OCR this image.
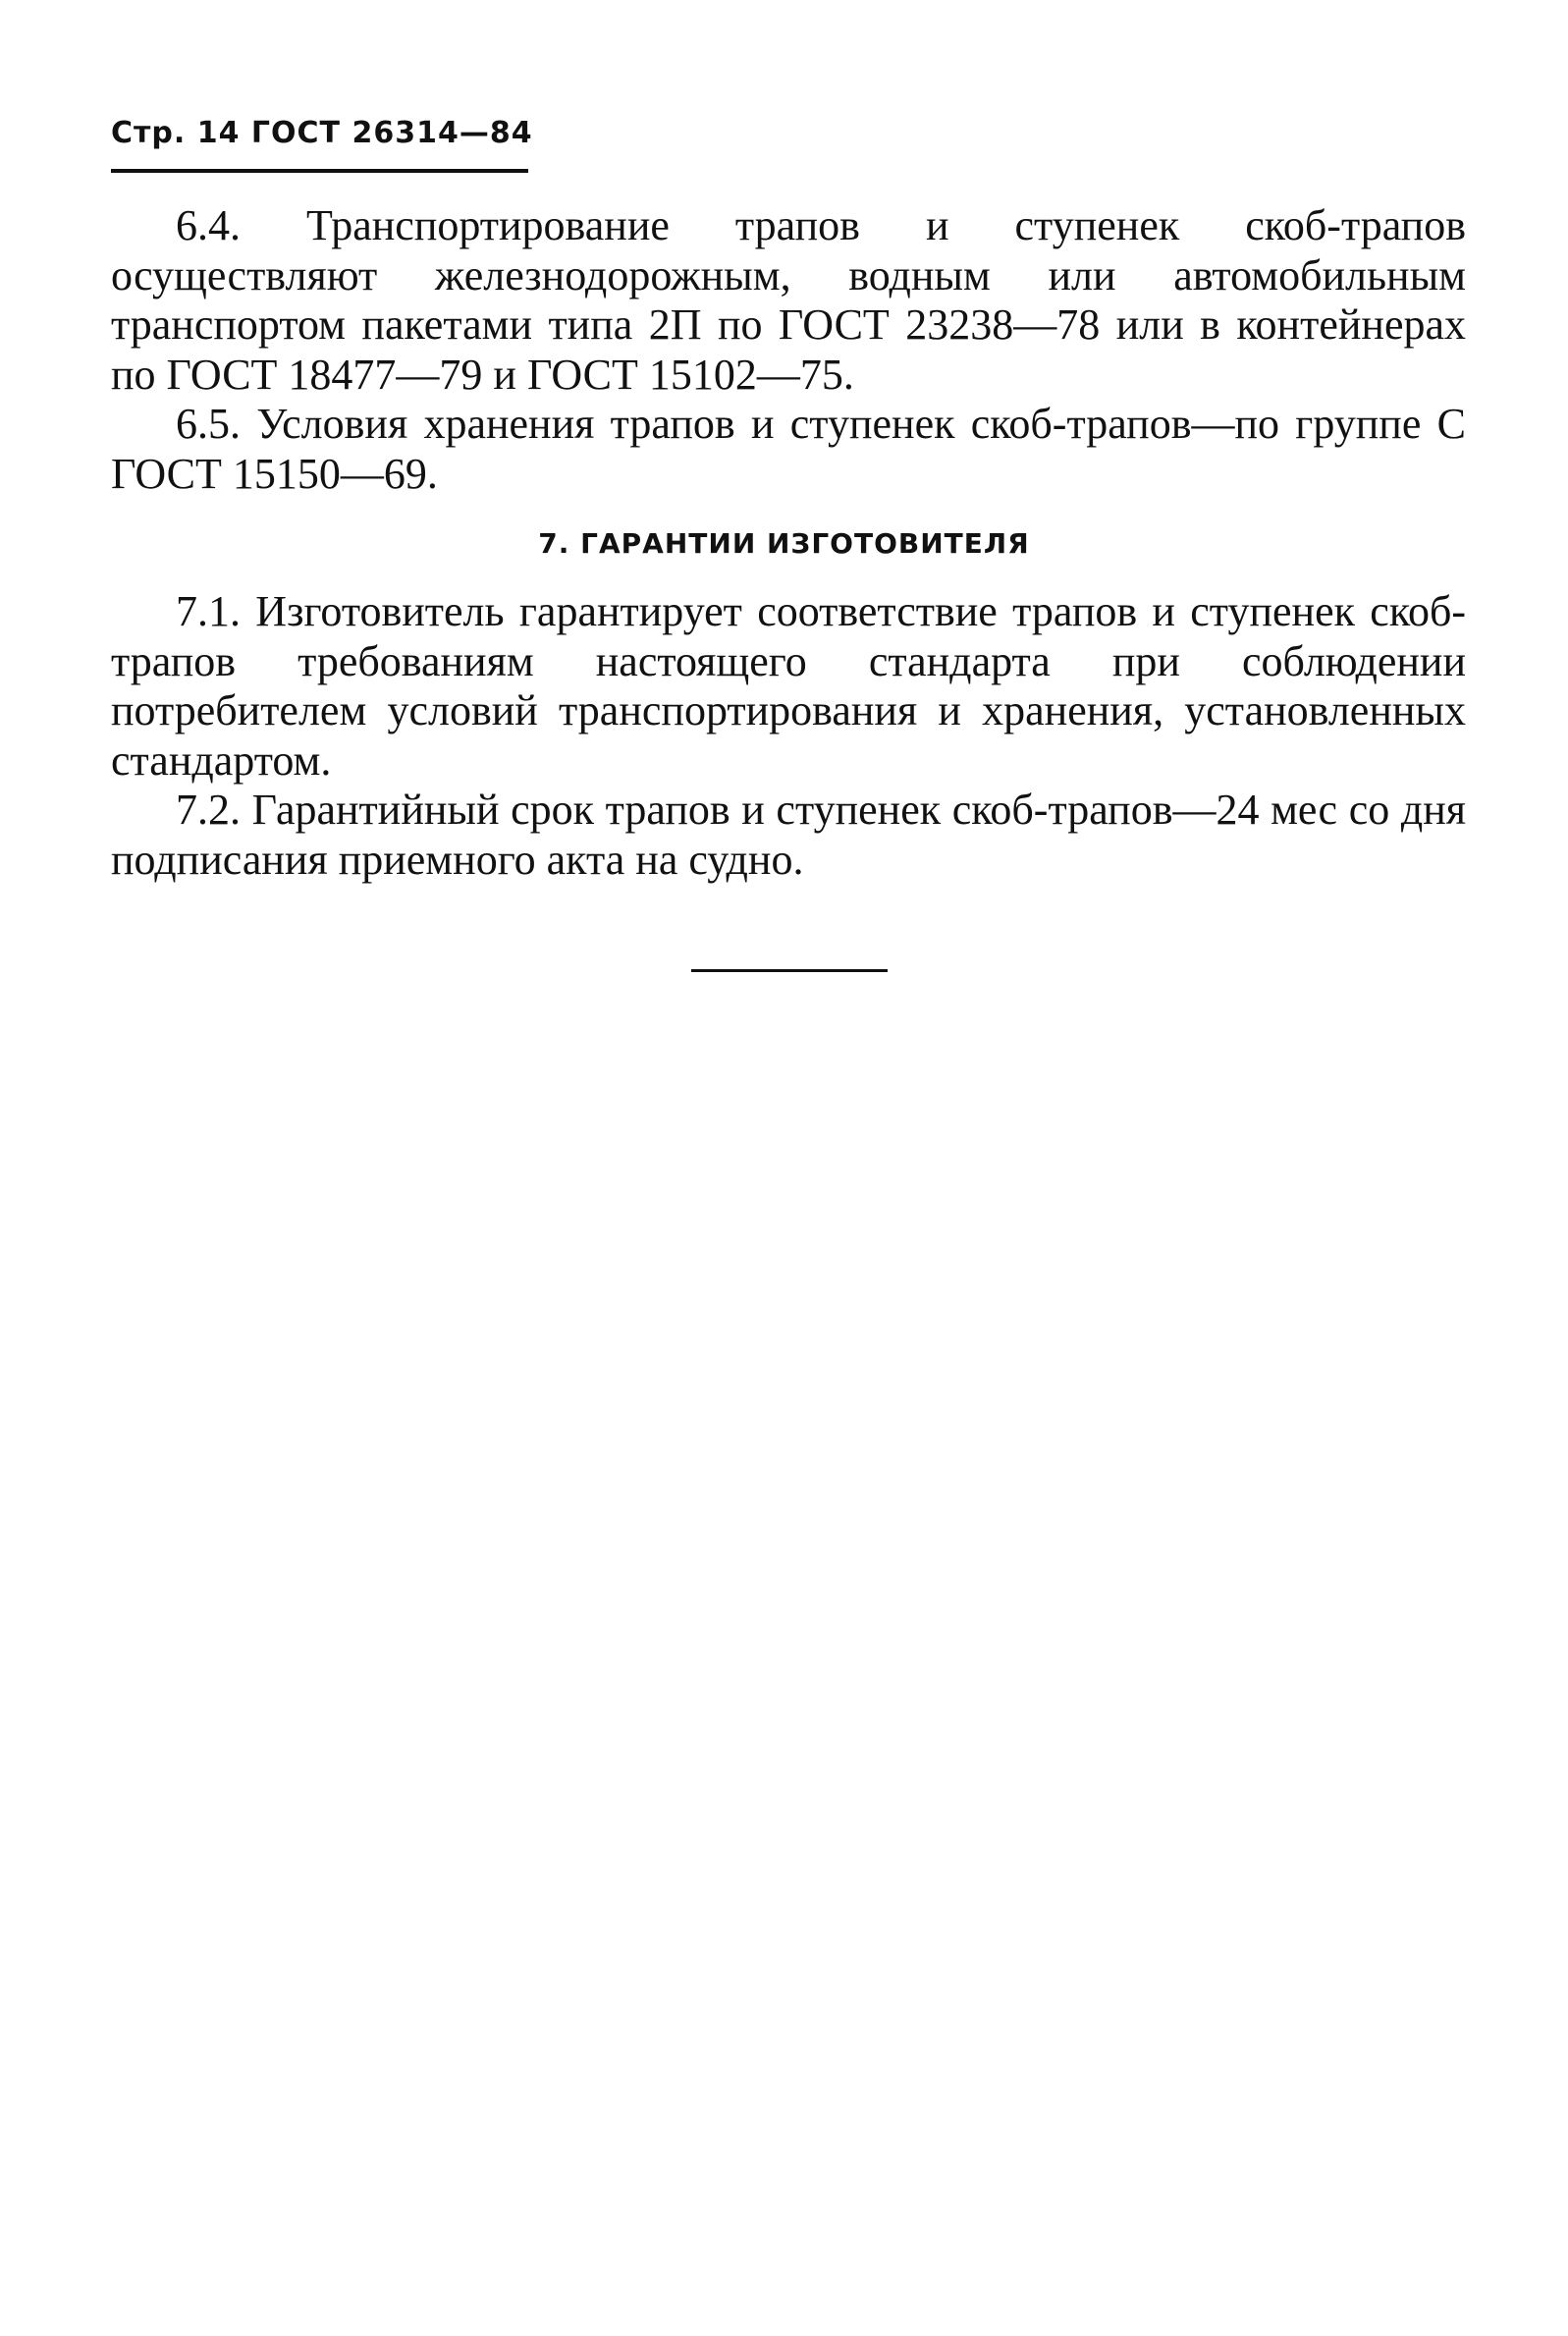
Стр. 14 ГОСТ 26314—84

6.4. Транспортирование трапов и ступенек скоб-трапов осуществляют железнодорожным, водным или автомобильным транспортом пакетами типа 2П по ГОСТ 23238—78 или в контейнерах по ГОСТ 18477—79 и ГОСТ 15102—75.

6.5. Условия хранения трапов и ступенек скоб-трапов—по группе С ГОСТ 15150—69.

7. ГАРАНТИИ ИЗГОТОВИТЕЛЯ

7.1. Изготовитель гарантирует соответствие трапов и ступенек скоб-трапов требованиям настоящего стандарта при соблюдении потребителем условий транспортирования и хранения, установленных стандартом.

7.2. Гарантийный срок трапов и ступенек скоб-трапов—24 мес со дня подписания приемного акта на судно.
